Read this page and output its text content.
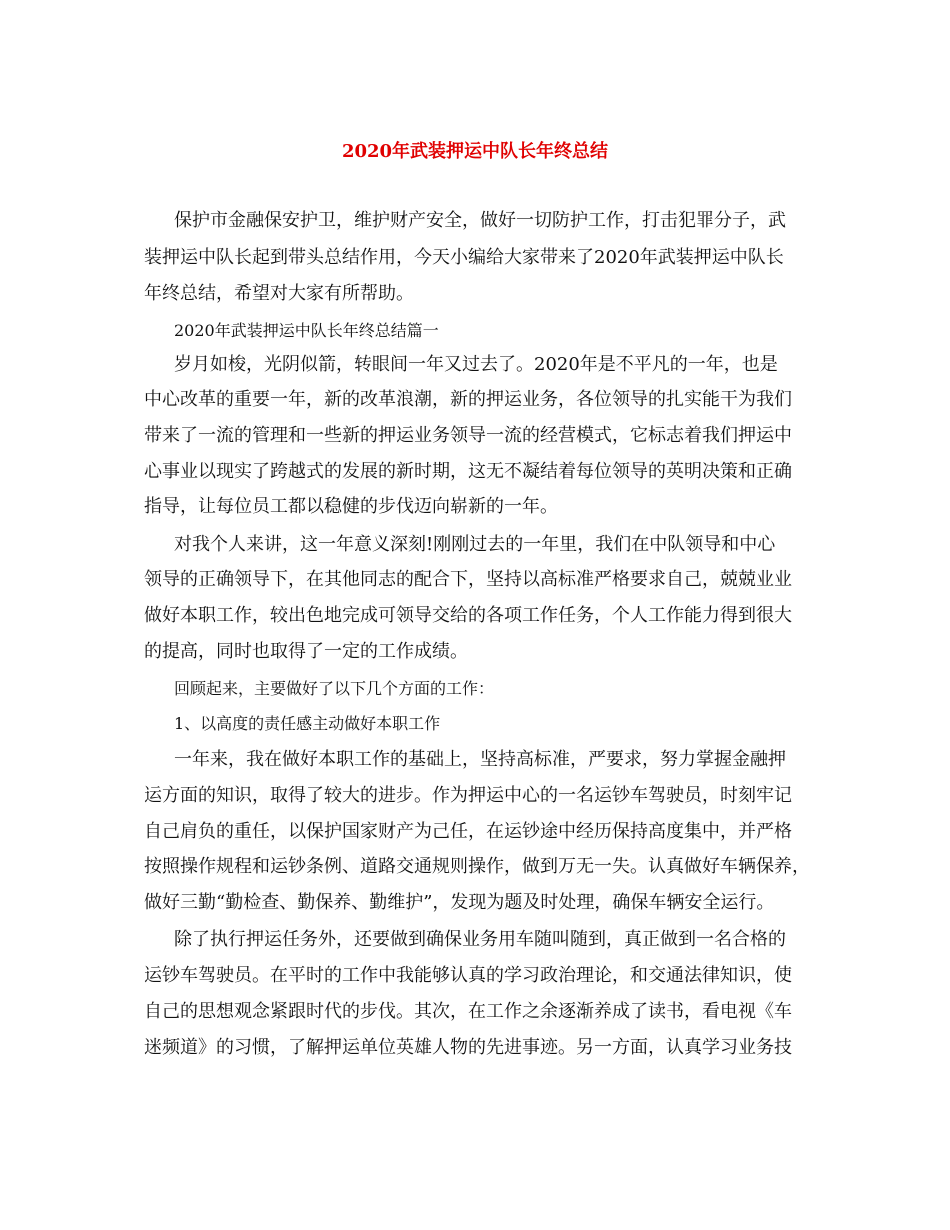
2020年武装押运中队长年终总结

保护市金融保安护卫，维护财产安全，做好一切防护工作，打击犯罪分子，武

装押运中队长起到带头总结作用，今天小编给大家带来了2020年武装押运中队长

年终总结，希望对大家有所帮助。

2020年武装押运中队长年终总结篇一

岁月如梭，光阴似箭，转眼间一年又过去了。2020年是不平凡的一年，也是

中心改革的重要一年，新的改革浪潮，新的押运业务，各位领导的扎实能干为我们

带来了一流的管理和一些新的押运业务领导一流的经营模式，它标志着我们押运中

心事业以现实了跨越式的发展的新时期，这无不凝结着每位领导的英明决策和正确

指导，让每位员工都以稳健的步伐迈向崭新的一年。

对我个人来讲，这一年意义深刻!刚刚过去的一年里，我们在中队领导和中心

领导的正确领导下，在其他同志的配合下，坚持以高标准严格要求自己，兢兢业业

做好本职工作，较出色地完成可领导交给的各项工作任务，个人工作能力得到很大

的提高，同时也取得了一定的工作成绩。

回顾起来，主要做好了以下几个方面的工作：

1、以高度的责任感主动做好本职工作

一年来，我在做好本职工作的基础上，坚持高标准，严要求，努力掌握金融押

运方面的知识，取得了较大的进步。作为押运中心的一名运钞车驾驶员，时刻牢记

自己肩负的重任，以保护国家财产为己任，在运钞途中经历保持高度集中，并严格

按照操作规程和运钞条例、道路交通规则操作，做到万无一失。认真做好车辆保养，

做好三勤“勤检查、勤保养、勤维护”，发现为题及时处理，确保车辆安全运行。

除了执行押运任务外，还要做到确保业务用车随叫随到，真正做到一名合格的

运钞车驾驶员。在平时的工作中我能够认真的学习政治理论，和交通法律知识，使

自己的思想观念紧跟时代的步伐。其次，在工作之余逐渐养成了读书，看电视《车

迷频道》的习惯，了解押运单位英雄人物的先进事迹。另一方面，认真学习业务技
